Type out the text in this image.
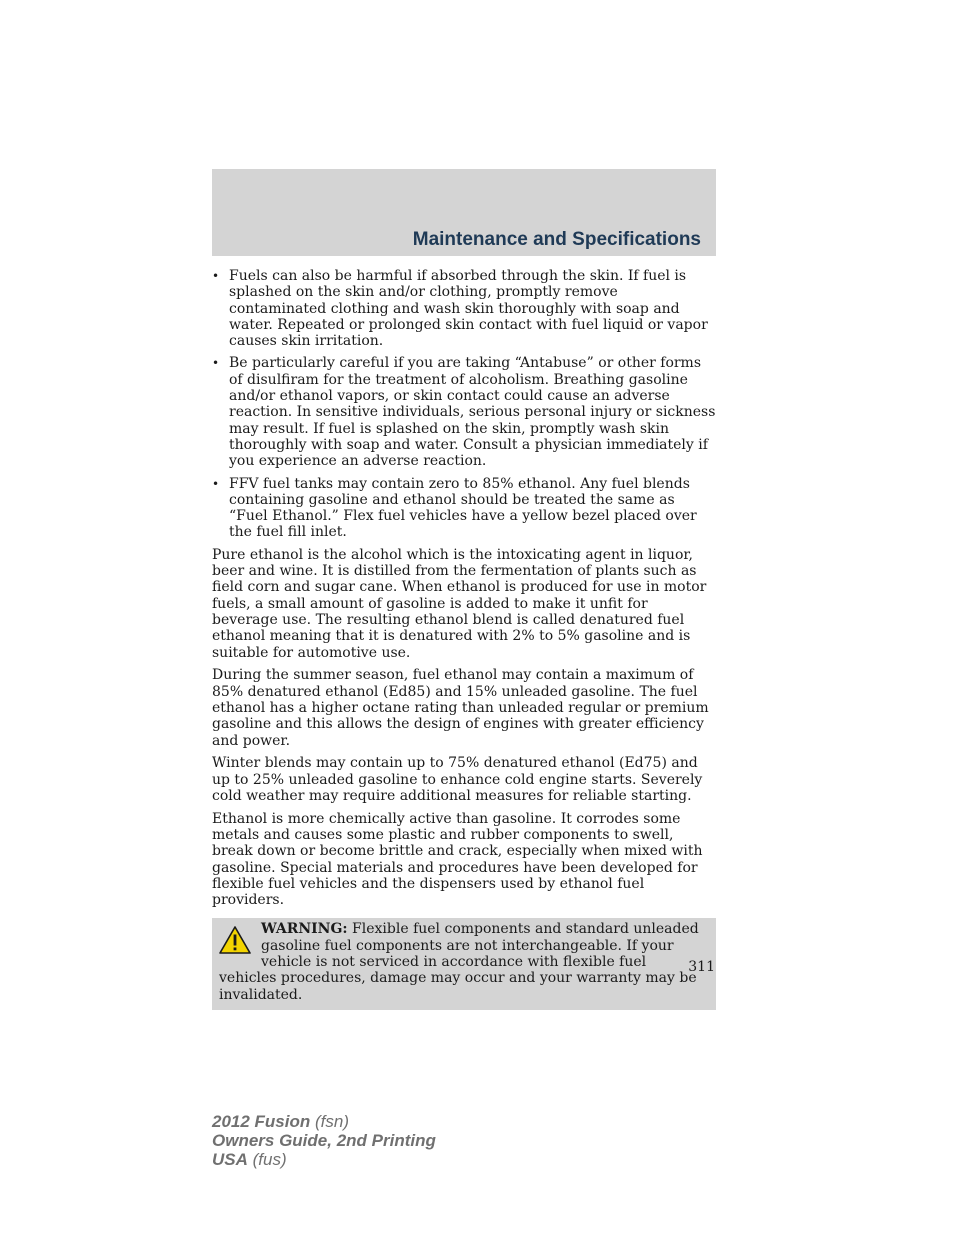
Maintenance and Specifications
• Fuels can also be harmful if absorbed through the skin. If fuel is splashed on the skin and/or clothing, promptly remove contaminated clothing and wash skin thoroughly with soap and water. Repeated or prolonged skin contact with fuel liquid or vapor causes skin irritation.
• Be particularly careful if you are taking “Antabuse” or other forms of disulfiram for the treatment of alcoholism. Breathing gasoline and/or ethanol vapors, or skin contact could cause an adverse reaction. In sensitive individuals, serious personal injury or sickness may result. If fuel is splashed on the skin, promptly wash skin thoroughly with soap and water. Consult a physician immediately if you experience an adverse reaction.
• FFV fuel tanks may contain zero to 85% ethanol. Any fuel blends containing gasoline and ethanol should be treated the same as “Fuel Ethanol.” Flex fuel vehicles have a yellow bezel placed over the fuel fill inlet.

Pure ethanol is the alcohol which is the intoxicating agent in liquor, beer and wine. It is distilled from the fermentation of plants such as field corn and sugar cane. When ethanol is produced for use in motor fuels, a small amount of gasoline is added to make it unfit for beverage use. The resulting ethanol blend is called denatured fuel ethanol meaning that it is denatured with 2% to 5% gasoline and is suitable for automotive use.

During the summer season, fuel ethanol may contain a maximum of 85% denatured ethanol (Ed85) and 15% unleaded gasoline. The fuel ethanol has a higher octane rating than unleaded regular or premium gasoline and this allows the design of engines with greater efficiency and power.

Winter blends may contain up to 75% denatured ethanol (Ed75) and up to 25% unleaded gasoline to enhance cold engine starts. Severely cold weather may require additional measures for reliable starting.

Ethanol is more chemically active than gasoline. It corrodes some metals and causes some plastic and rubber components to swell, break down or become brittle and crack, especially when mixed with gasoline. Special materials and procedures have been developed for flexible fuel vehicles and the dispensers used by ethanol fuel providers.

WARNING: Flexible fuel components and standard unleaded gasoline fuel components are not interchangeable. If your vehicle is not serviced in accordance with flexible fuel vehicles procedures, damage may occur and your warranty may be invalidated.
311
2012 Fusion (fsn)
Owners Guide, 2nd Printing
USA (fus)
